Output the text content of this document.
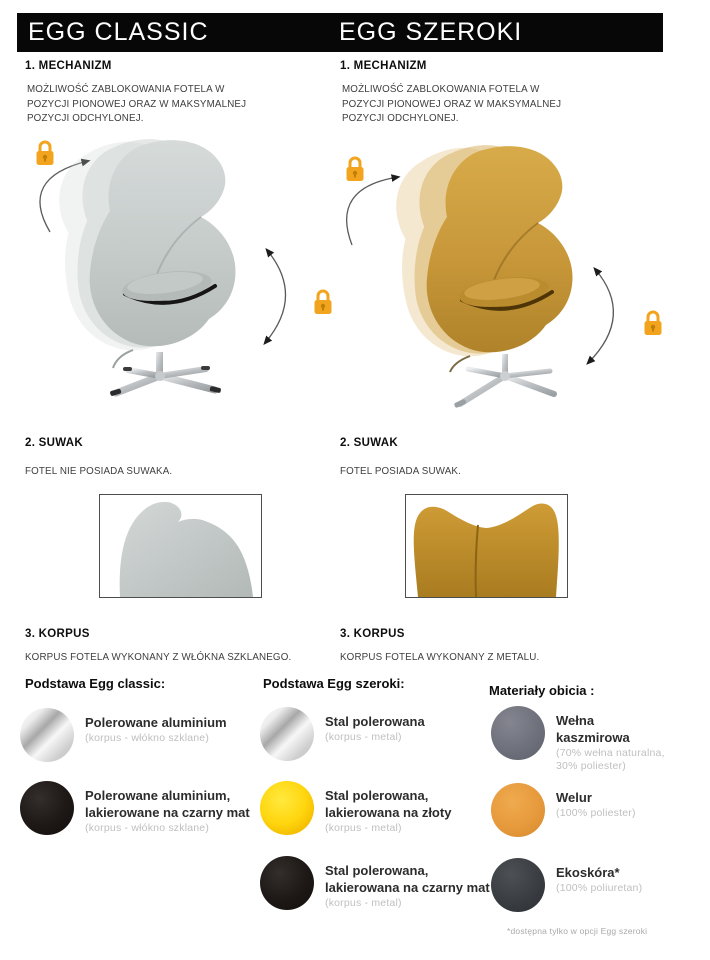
EGG CLASSIC	EGG SZEROKI
1. MECHANIZM	1. MECHANIZM
MOŻLIWOŚĆ ZABLOKOWANIA FOTELA W POZYCJI PIONOWEJ ORAZ W MAKSYMALNEJ POZYCJI ODCHYLONEJ.
MOŻLIWOŚĆ ZABLOKOWANIA FOTELA W POZYCJI PIONOWEJ ORAZ W MAKSYMALNEJ POZYCJI ODCHYLONEJ.
2. SUWAK	2. SUWAK
FOTEL NIE POSIADA SUWAKA.	FOTEL POSIADA SUWAK.
3. KORPUS	3. KORPUS
KORPUS FOTELA WYKONANY Z WŁÓKNA SZKLANEGO.	KORPUS FOTELA WYKONANY Z METALU.
Podstawa Egg classic:	Podstawa Egg szeroki:	Materiały obicia :
Polerowane aluminium
(korpus - włókno szklane)
Polerowane aluminium, lakierowane na czarny mat
(korpus - włókno szklane)
Stal polerowana
(korpus - metal)
Stal polerowana, lakierowana na złoty
(korpus - metal)
Stal polerowana, lakierowana na czarny mat
(korpus - metal)
Wełna kaszmirowa
(70% wełna naturalna, 30% poliester)
Welur
(100% poliester)
Ekoskóra*
(100% poliuretan)
*dostępna tylko w opcji Egg szeroki
